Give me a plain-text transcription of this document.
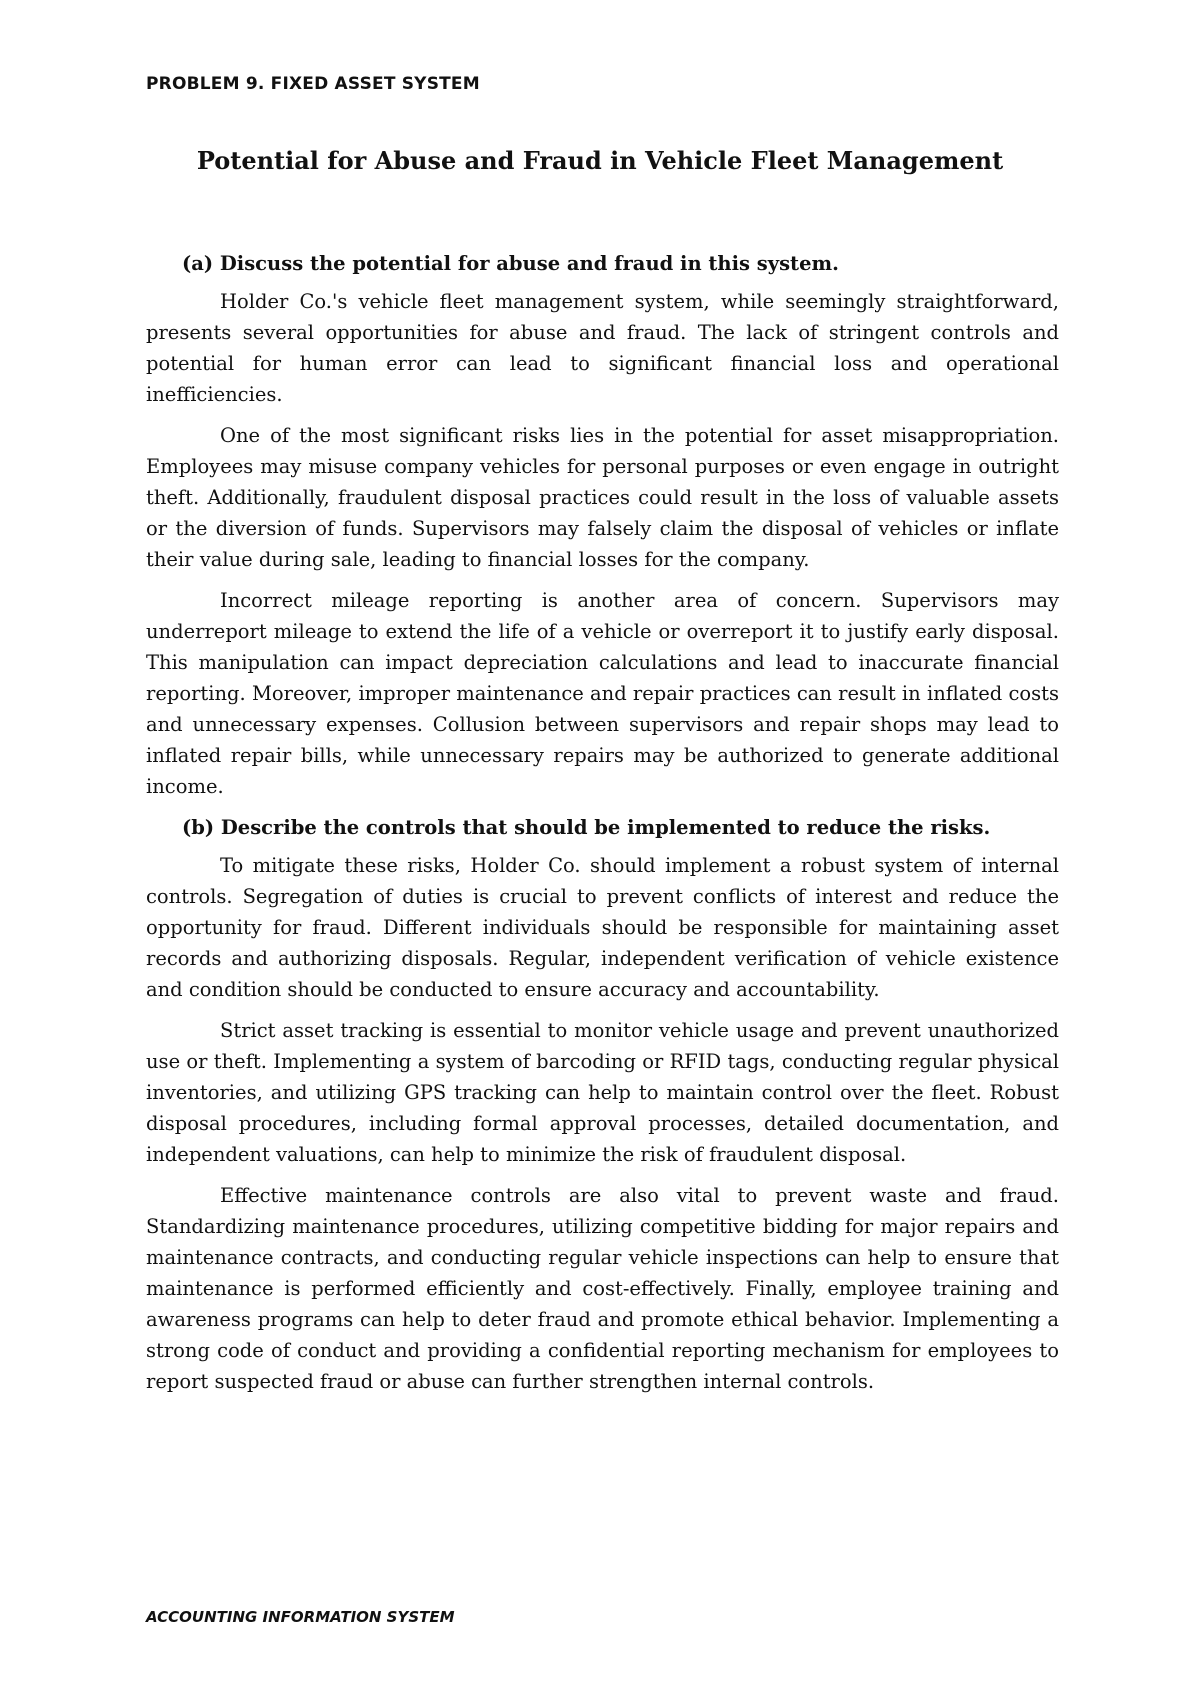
PROBLEM 9. FIXED ASSET SYSTEM

Potential for Abuse and Fraud in Vehicle Fleet Management
(a) Discuss the potential for abuse and fraud in this system.

Holder Co.'s vehicle fleet management system, while seemingly straightforward, presents several opportunities for abuse and fraud. The lack of stringent controls and potential for human error can lead to significant financial loss and operational inefficiencies.

One of the most significant risks lies in the potential for asset misappropriation. Employees may misuse company vehicles for personal purposes or even engage in outright theft. Additionally, fraudulent disposal practices could result in the loss of valuable assets or the diversion of funds. Supervisors may falsely claim the disposal of vehicles or inflate their value during sale, leading to financial losses for the company.

Incorrect mileage reporting is another area of concern. Supervisors may underreport mileage to extend the life of a vehicle or overreport it to justify early disposal. This manipulation can impact depreciation calculations and lead to inaccurate financial reporting. Moreover, improper maintenance and repair practices can result in inflated costs and unnecessary expenses. Collusion between supervisors and repair shops may lead to inflated repair bills, while unnecessary repairs may be authorized to generate additional income.

(b) Describe the controls that should be implemented to reduce the risks.

To mitigate these risks, Holder Co. should implement a robust system of internal controls. Segregation of duties is crucial to prevent conflicts of interest and reduce the opportunity for fraud. Different individuals should be responsible for maintaining asset records and authorizing disposals. Regular, independent verification of vehicle existence and condition should be conducted to ensure accuracy and accountability.

Strict asset tracking is essential to monitor vehicle usage and prevent unauthorized use or theft. Implementing a system of barcoding or RFID tags, conducting regular physical inventories, and utilizing GPS tracking can help to maintain control over the fleet. Robust disposal procedures, including formal approval processes, detailed documentation, and independent valuations, can help to minimize the risk of fraudulent disposal.

Effective maintenance controls are also vital to prevent waste and fraud. Standardizing maintenance procedures, utilizing competitive bidding for major repairs and maintenance contracts, and conducting regular vehicle inspections can help to ensure that maintenance is performed efficiently and cost-effectively. Finally, employee training and awareness programs can help to deter fraud and promote ethical behavior. Implementing a strong code of conduct and providing a confidential reporting mechanism for employees to report suspected fraud or abuse can further strengthen internal controls.

ACCOUNTING INFORMATION SYSTEM
